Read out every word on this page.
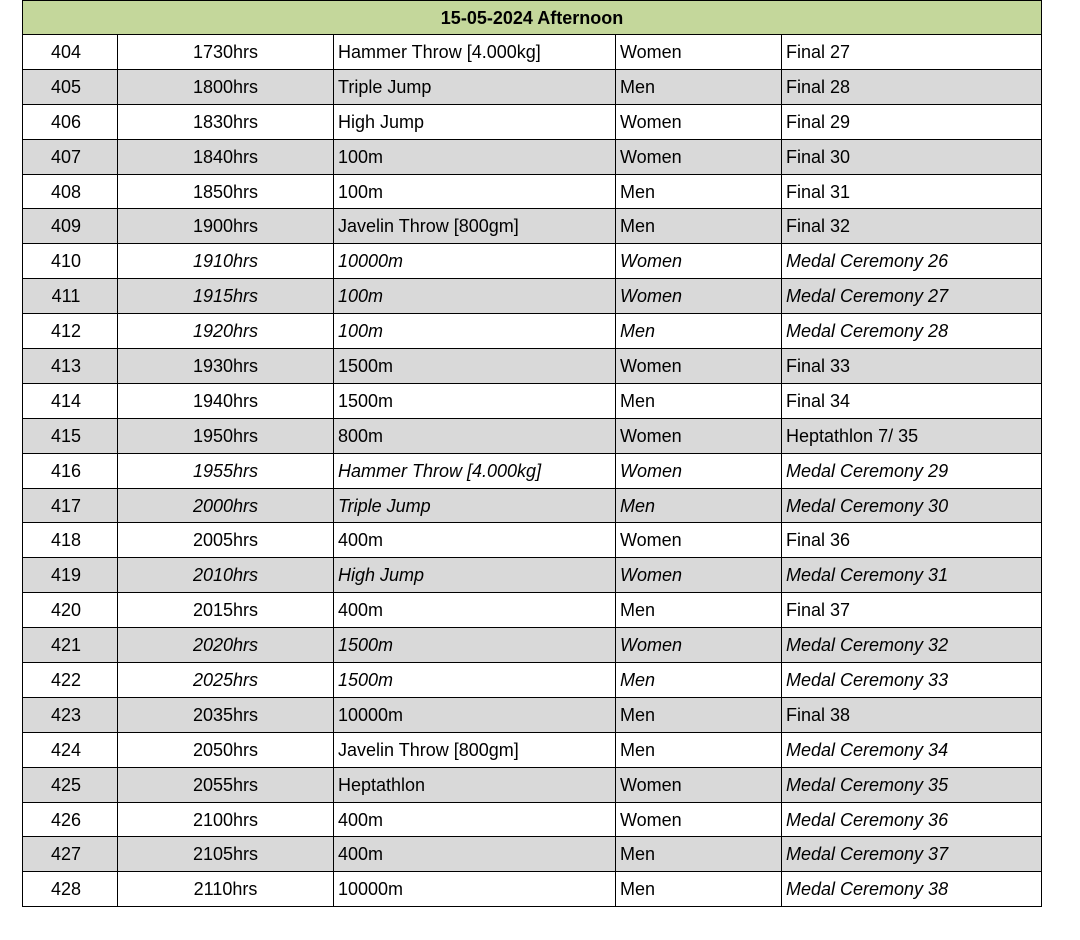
15-05-2024 Afternoon				
404	1730hrs	Hammer Throw [4.000kg]	Women	Final 27
405	1800hrs	Triple Jump	Men	Final 28
406	1830hrs	High Jump	Women	Final 29
407	1840hrs	100m	Women	Final 30
408	1850hrs	100m	Men	Final 31
409	1900hrs	Javelin Throw [800gm]	Men	Final 32
410	1910hrs	10000m	Women	Medal Ceremony 26
411	1915hrs	100m	Women	Medal Ceremony 27
412	1920hrs	100m	Men	Medal Ceremony 28
413	1930hrs	1500m	Women	Final 33
414	1940hrs	1500m	Men	Final 34
415	1950hrs	800m	Women	Heptathlon 7/ 35
416	1955hrs	Hammer Throw [4.000kg]	Women	Medal Ceremony 29
417	2000hrs	Triple Jump	Men	Medal Ceremony 30
418	2005hrs	400m	Women	Final 36
419	2010hrs	High Jump	Women	Medal Ceremony 31
420	2015hrs	400m	Men	Final 37
421	2020hrs	1500m	Women	Medal Ceremony 32
422	2025hrs	1500m	Men	Medal Ceremony 33
423	2035hrs	10000m	Men	Final 38
424	2050hrs	Javelin Throw [800gm]	Men	Medal Ceremony 34
425	2055hrs	Heptathlon	Women	Medal Ceremony 35
426	2100hrs	400m	Women	Medal Ceremony 36
427	2105hrs	400m	Men	Medal Ceremony 37
428	2110hrs	10000m	Men	Medal Ceremony 38
